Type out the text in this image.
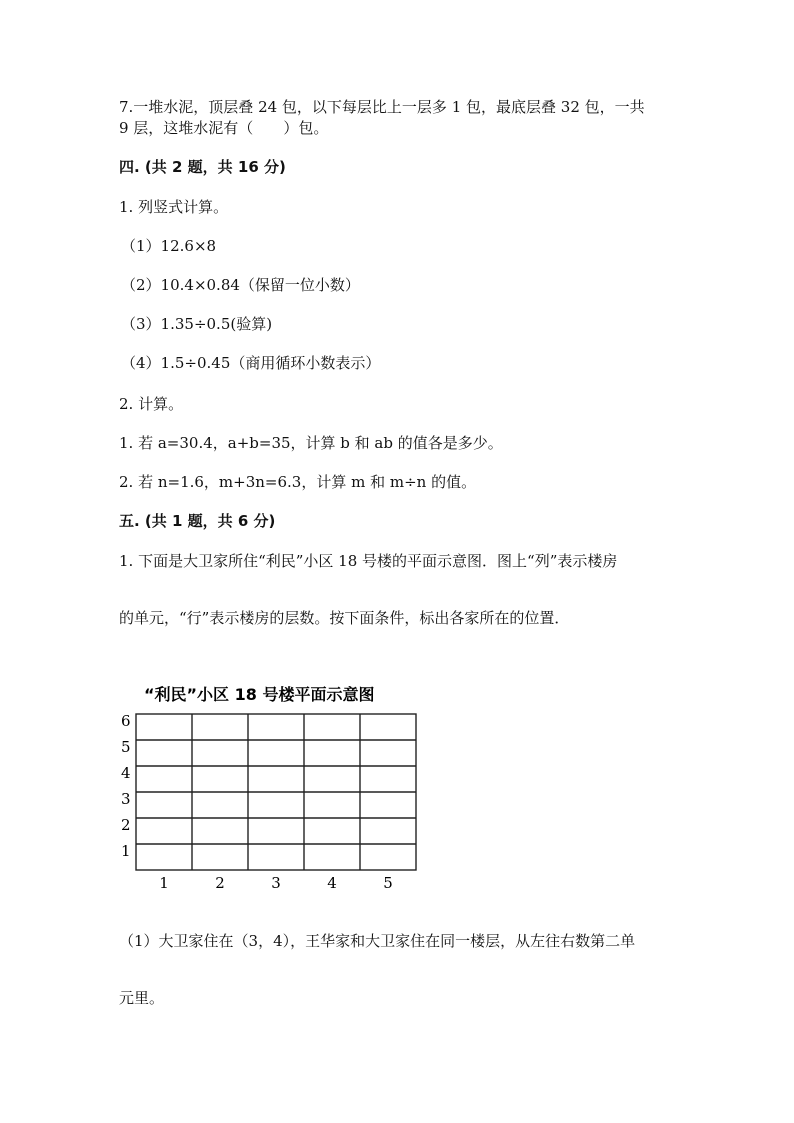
7.一堆水泥，顶层叠 24 包，以下每层比上一层多 1 包，最底层叠 32 包，一共

9 层，这堆水泥有（　　）包。

四. (共 2 题，共 16 分)

1. 列竖式计算。

（1）12.6×8

（2）10.4×0.84（保留一位小数）

（3）1.35÷0.5(验算)

（4）1.5÷0.45（商用循环小数表示）

2. 计算。

1. 若 a=30.4，a+b=35，计算 b 和 ab 的值各是多少。

2. 若 n=1.6，m+3n=6.3，计算 m 和 m÷n 的值。

五. (共 1 题，共 6 分)

1. 下面是大卫家所住“利民”小区 18 号楼的平面示意图．图上“列”表示楼房

的单元，“行”表示楼房的层数。按下面条件，标出各家所在的位置．

“利民”小区 18 号楼平面示意图
6
5
4
3
2
1
1	2	3	4	5

（1）大卫家住在（3，4），王华家和大卫家住在同一楼层，从左往右数第二单

元里。
